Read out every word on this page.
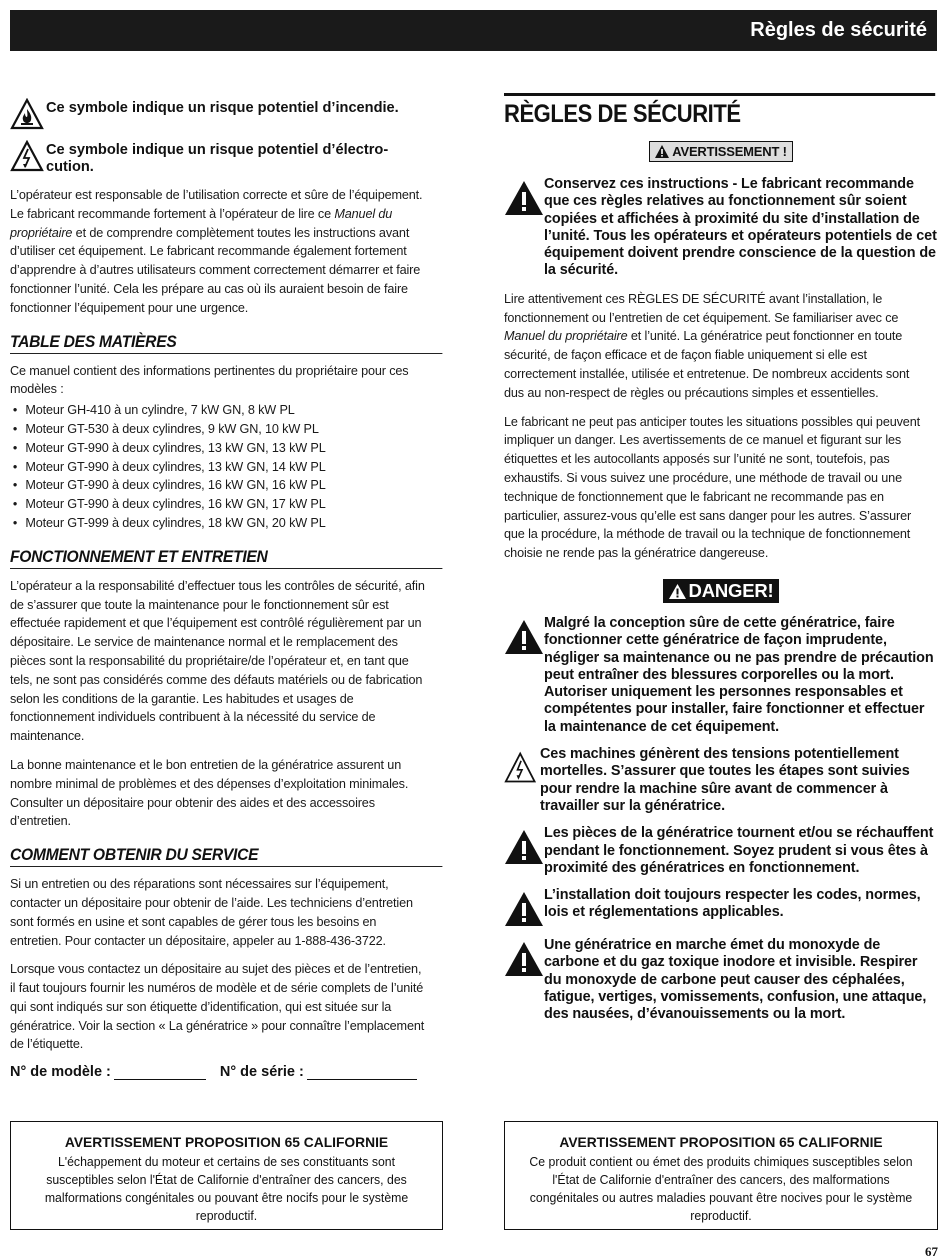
Règles de sécurité
Ce symbole indique un risque potentiel d’incendie.
Ce symbole indique un risque potentiel d’électro-cution.
L’opérateur est responsable de l’utilisation correcte et sûre de l’équipement. Le fabricant recommande fortement à l’opérateur de lire ce Manuel du propriétaire et de comprendre complètement toutes les instructions avant d’utiliser cet équipement. Le fabricant recommande également fortement d’apprendre à d’autres utilisateurs comment correctement démarrer et faire fonctionner l’unité. Cela les prépare au cas où ils auraient besoin de faire fonctionner l’équipement pour une urgence.
TABLE DES MATIÈRES
Ce manuel contient des informations pertinentes du propriétaire pour ces modèles :
• Moteur GH-410 à un cylindre, 7 kW GN, 8 kW PL
• Moteur GT-530 à deux cylindres, 9 kW GN, 10 kW PL
• Moteur GT-990 à deux cylindres, 13 kW GN, 13 kW PL
• Moteur GT-990 à deux cylindres, 13 kW GN, 14 kW PL
• Moteur GT-990 à deux cylindres, 16 kW GN, 16 kW PL
• Moteur GT-990 à deux cylindres, 16 kW GN, 17 kW PL
• Moteur GT-999 à deux cylindres, 18 kW GN, 20 kW PL
FONCTIONNEMENT ET ENTRETIEN
L’opérateur a la responsabilité d’effectuer tous les contrôles de sécurité, afin de s’assurer que toute la maintenance pour le fonctionnement sûr est effectuée rapidement et que l’équipement est contrôlé régulièrement par un dépositaire. Le service de maintenance normal et le remplacement des pièces sont la responsabilité du propriétaire/de l’opérateur et, en tant que tels, ne sont pas considérés comme des défauts matériels ou de fabrication selon les conditions de la garantie. Les habitudes et usages de fonctionnement individuels contribuent à la nécessité du service de maintenance.
La bonne maintenance et le bon entretien de la génératrice assurent un nombre minimal de problèmes et des dépenses d’exploitation minimales. Consulter un dépositaire pour obtenir des aides et des accessoires d’entretien.
COMMENT OBTENIR DU SERVICE
Si un entretien ou des réparations sont nécessaires sur l’équipement, contacter un dépositaire pour obtenir de l’aide. Les techniciens d’entretien sont formés en usine et sont capables de gérer tous les besoins en entretien. Pour contacter un dépositaire, appeler au 1-888-436-3722.
Lorsque vous contactez un dépositaire au sujet des pièces et de l’entretien, il faut toujours fournir les numéros de modèle et de série complets de l’unité qui sont indiqués sur son étiquette d’identification, qui est située sur la génératrice. Voir la section « La génératrice » pour connaître l’emplacement de l’étiquette.
N° de modèle :	N° de série :
RÈGLES DE SÉCURITÉ
AVERTISSEMENT !
Conservez ces instructions - Le fabricant recommande que ces règles relatives au fonctionnement sûr soient copiées et affichées à proximité du site d’installation de l’unité. Tous les opérateurs et opérateurs potentiels de cet équipement doivent prendre conscience de la question de la sécurité.
Lire attentivement ces RÈGLES DE SÉCURITÉ avant l’installation, le fonctionnement ou l’entretien de cet équipement. Se familiariser avec ce Manuel du propriétaire et l’unité. La génératrice peut fonctionner en toute sécurité, de façon efficace et de façon fiable uniquement si elle est correctement installée, utilisée et entretenue. De nombreux accidents sont dus au non-respect de règles ou précautions simples et essentielles.
Le fabricant ne peut pas anticiper toutes les situations possibles qui peuvent impliquer un danger. Les avertissements de ce manuel et figurant sur les étiquettes et les autocollants apposés sur l’unité ne sont, toutefois, pas exhaustifs. Si vous suivez une procédure, une méthode de travail ou une technique de fonctionnement que le fabricant ne recommande pas en particulier, assurez-vous qu’elle est sans danger pour les autres. S’assurer que la procédure, la méthode de travail ou la technique de fonctionnement choisie ne rende pas la génératrice dangereuse.
DANGER!
Malgré la conception sûre de cette génératrice, faire fonctionner cette génératrice de façon imprudente, négliger sa maintenance ou ne pas prendre de précaution peut entraîner des blessures corporelles ou la mort. Autoriser uniquement les personnes responsables et compétentes pour installer, faire fonctionner et effectuer la maintenance de cet équipement.
Ces machines génèrent des tensions potentiellement mortelles. S’assurer que toutes les étapes sont suivies pour rendre la machine sûre avant de commencer à travailler sur la génératrice.
Les pièces de la génératrice tournent et/ou se réchauffent pendant le fonctionnement. Soyez prudent si vous êtes à proximité des génératrices en fonctionnement.
L’installation doit toujours respecter les codes, normes, lois et réglementations applicables.
Une génératrice en marche émet du monoxyde de carbone et du gaz toxique inodore et invisible. Respirer du monoxyde de carbone peut causer des céphalées, fatigue, vertiges, vomissements, confusion, une attaque, des nausées, d’évanouissements ou la mort.
AVERTISSEMENT PROPOSITION 65 CALIFORNIE
L'échappement du moteur et certains de ses constituants sont susceptibles selon l'État de Californie d'entraîner des cancers, des malformations congénitales ou pouvant être nocifs pour le système reproductif.
AVERTISSEMENT PROPOSITION 65 CALIFORNIE
Ce produit contient ou émet des produits chimiques susceptibles selon l'État de Californie d'entraîner des cancers, des malformations congénitales ou autres maladies pouvant être nocives pour le système reproductif.
67
